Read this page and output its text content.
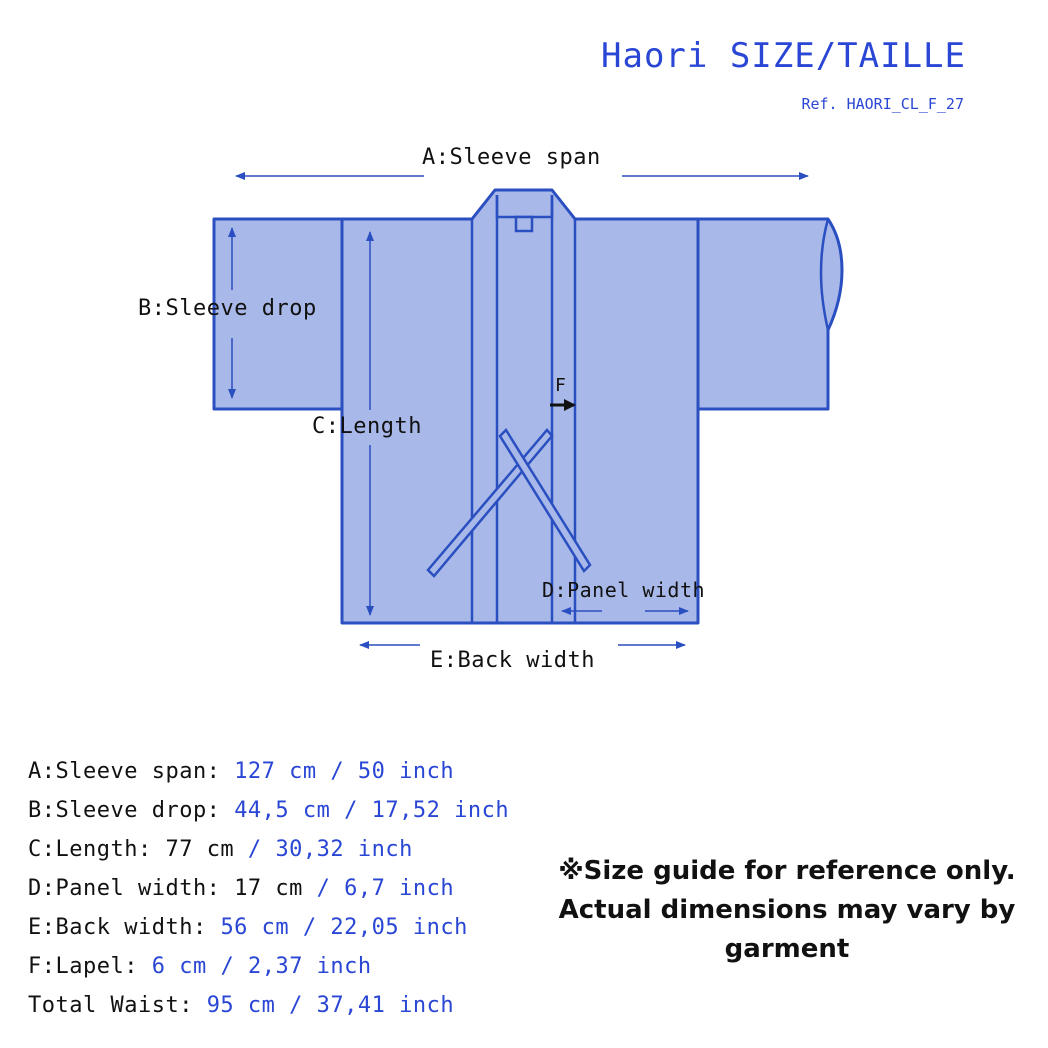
Haori SIZE/TAILLE
Ref. HAORI_CL_F_27
A:Sleeve span
B:Sleeve drop
C:Length
D:Panel width
E:Back width
F
A:Sleeve span: 127 cm / 50 inch
B:Sleeve drop: 44,5 cm / 17,52 inch
C:Length: 77 cm / 30,32 inch
D:Panel width: 17 cm / 6,7 inch
E:Back width: 56 cm / 22,05 inch
F:Lapel: 6 cm / 2,37 inch
Total Waist: 95 cm / 37,41 inch
※Size guide for reference only.
Actual dimensions may vary by
garment
